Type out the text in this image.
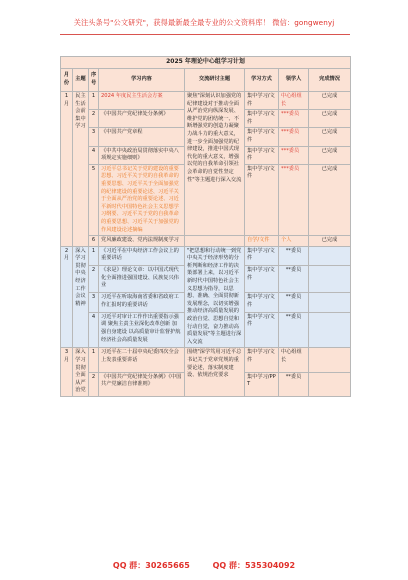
关注头条号"公文研究"，获得最新最全最专业的公文资料库！ 微信：gongwenyj
2025 年理论中心组学习计划							
月份	主题	序号	学习内容	交流研讨主题	学习方式	领学人	完成情况
1月	民主生活会前集中学习	1	2024 年度民主生活会方案	聚焦"深刻认识加强党的纪律建设对于推动全面从严治党向纵深发展、维护党的团结统一、不断增强党的创造力凝聚力战斗力的重大意义，进一步全面加强党的纪律建设，推进中国式现代化的重大意义，增强以党的自我革命引领社会革命的自觉性坚定性"等主题进行深入交流	集中学习/文件	中心组组长	已完成
		2	《中国共产党纪律处分条例》		集中学习/文件	***委员	已完成
		3	《中国共产党章程		集中学习/文件	***委员	已完成
		4	《中共中央政治局贯彻落实中央八项规定实施细则》		集中学习/文件	***委员	已完成
		5	习近平总书记关于党的建设的重要思想、习近平关于党的自我革命的重要思想、习近平关于全面加强党的纪律建设的重要论述、习近平关于全面从严治党的重要论述、习近平新时代中国特色社会主义思想学习纲要、习近平关于党的自我革命的重要思想、习近平关于加强党的作风建设论述摘编		集中学习/文件	***委员	已完成
		6	党风廉政建设、党内法规制度学习		自学/文件	个人	已完成
2月	深入学习贯彻中央经济工作会议精神	1	《习近平在中央经济工作会议上的重要讲话	"把思想和行动统一到党中央关于经济形势的分析判断和经济工作的决策部署上来，以习近平新时代中国特色社会主义思想为指导，以思想、准确、全面贯彻新发展理念，以切实增强推动经济高质量发展的政治自觉、思想自觉和行动自觉，奋力推动高质量发展"等主题进行深入交流	集中学习/文件	**委员	
		2	《求是》理论文章：以中国式现代化全面推进强国建设、民族复兴伟业		集中学习/文件	**委员	
		3	习近平在听取海南省委和省政府工作汇报时的重要讲话		集中学习/文件	**委员	
		4	习近平对审计工作作出重要指示强调 聚焦主责主业深化改革创新 加强自身建设 以高质量审计监督护航经济社会高质量发展		集中学习/文件	**委员	
3月	深入学习贯彻全面从严治党	1	习近平在二十届中央纪委四次全会上发表重要讲话	围绕"深学笃用习近平总书记关于党章党规的重要论述，落实制度建设、依规治党要求	集中学习/文件	中心组组长	
		2	《中国共产党纪律处分条例》《中国共产党廉洁自律准则》		集中学习/PPT	**委员	
QQ 群：30265665	QQ 群：535304092
